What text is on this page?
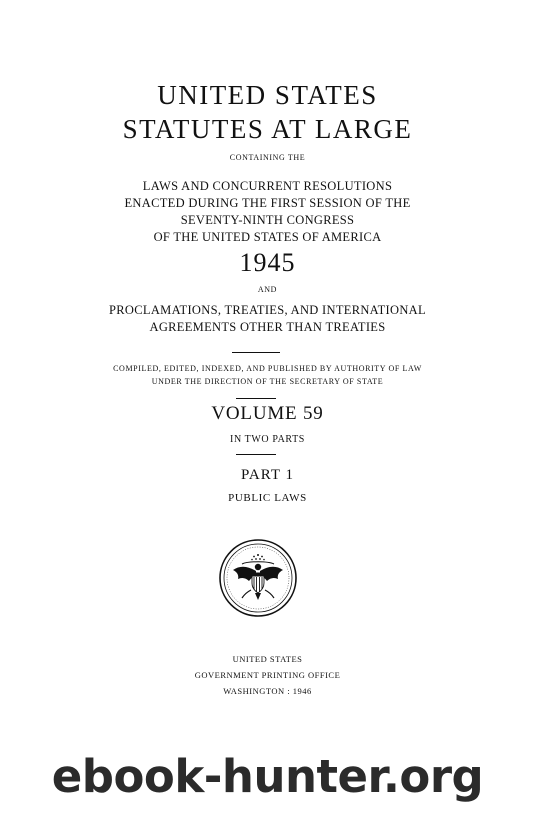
UNITED STATES
STATUTES AT LARGE
CONTAINING THE
LAWS AND CONCURRENT RESOLUTIONS
ENACTED DURING THE FIRST SESSION OF THE
SEVENTY-NINTH CONGRESS
OF THE UNITED STATES OF AMERICA
1945
AND
PROCLAMATIONS, TREATIES, AND INTERNATIONAL
AGREEMENTS OTHER THAN TREATIES
COMPILED, EDITED, INDEXED, AND PUBLISHED BY AUTHORITY OF LAW
UNDER THE DIRECTION OF THE SECRETARY OF STATE
VOLUME 59
IN TWO PARTS
PART 1
PUBLIC LAWS
UNITED STATES
GOVERNMENT PRINTING OFFICE
WASHINGTON : 1946
ebook-hunter.org
